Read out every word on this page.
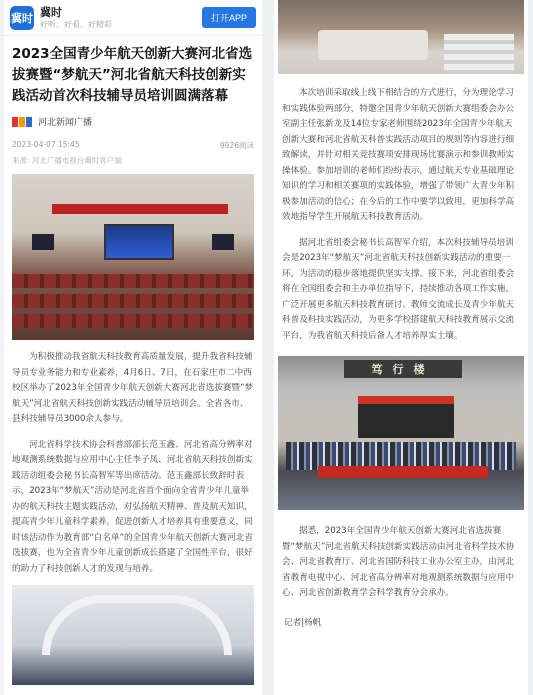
冀时 冀时
好听、好看、好精彩
打开APP
2023全国青少年航天创新大赛河北省选拔赛暨“梦航天”河北省航天科技创新实践活动首次科技辅导员培训圆满落幕
河北新闻广播
2023-04-07 15:45	9926阅读
来源: 河北广播电视台冀时客户端

为积极推动我省航天科技教育高质量发展，提升我省科技辅导员专业务能力和专业素养，4月6日、7日，在石家庄市二中西校区举办了2023年全国青少年航天创新大赛河北省选拔赛暨“梦航天”河北省航天科技创新实践活动辅导员培训会。全省各市、县科技辅导员3000余人参与。

河北省科学技术协会科普部部长范玉鑫、河北省高分辨率对地观测系统数据与应用中心主任李子凤、河北省航天科技创新实践活动组委会秘书长高智军等出席活动。范玉鑫部长致辞时表示，2023年“梦航天”活动是河北省首个面向全省青少年儿童举办的航天科技主题实践活动，对弘扬航天精神、普及航天知识，提高青少年儿童科学素养，促进创新人才培养具有重要意义，同时该活动作为教育部“白名单”的全国青少年航天创新大赛河北省选拔赛，也为全省青少年儿童创新成长搭建了全国性平台，很好的助力了科技创新人才的发现与培养。

本次培训采取线上线下相结合的方式进行，分为理论学习和实践体验两部分，特邀全国青少年航天创新大赛组委会办公室副主任张新龙及14位专家老师围绕2023年全国青少年航天创新大赛和河北省航天科普实践活动项目的规则等内容进行细致解读，并针对相关竞技赛项安排现场比赛演示和参训教师实操体验。参加培训的老师们纷纷表示，通过航天专业基础理论知识的学习和相关赛项的实践体验，增强了带领广大青少年积极参加活动的信心；在今后的工作中要学以致用，更加科学高效地指导学生开展航天科技教育活动。

据河北省组委会秘书长高智军介绍，本次科技辅导员培训会是2023年“梦航天”河北省航天科技创新实践活动的重要一环，为活动的稳步落地提供坚实支撑。接下来，河北省组委会将在全国组委会和主办单位指导下，持续推动各项工作实施，广泛开展更多航天科技教育研讨、教师交流成长及青少年航天科普及科技实践活动，为更多学校搭建航天科技教育展示交流平台，为我省航天科技后备人才培养厚实土壤。

笃行楼

据悉，2023年全国青少年航天创新大赛河北省选拔赛暨“梦航天”河北省航天科技创新实践活动由河北省科学技术协会、河北省教育厅、河北省国防科技工业办公室主办，由河北省教育电视中心、河北省高分辨率对地观测系统数据与应用中心、河北省创新教育学会科学教育分会承办。

记者|杨帆
